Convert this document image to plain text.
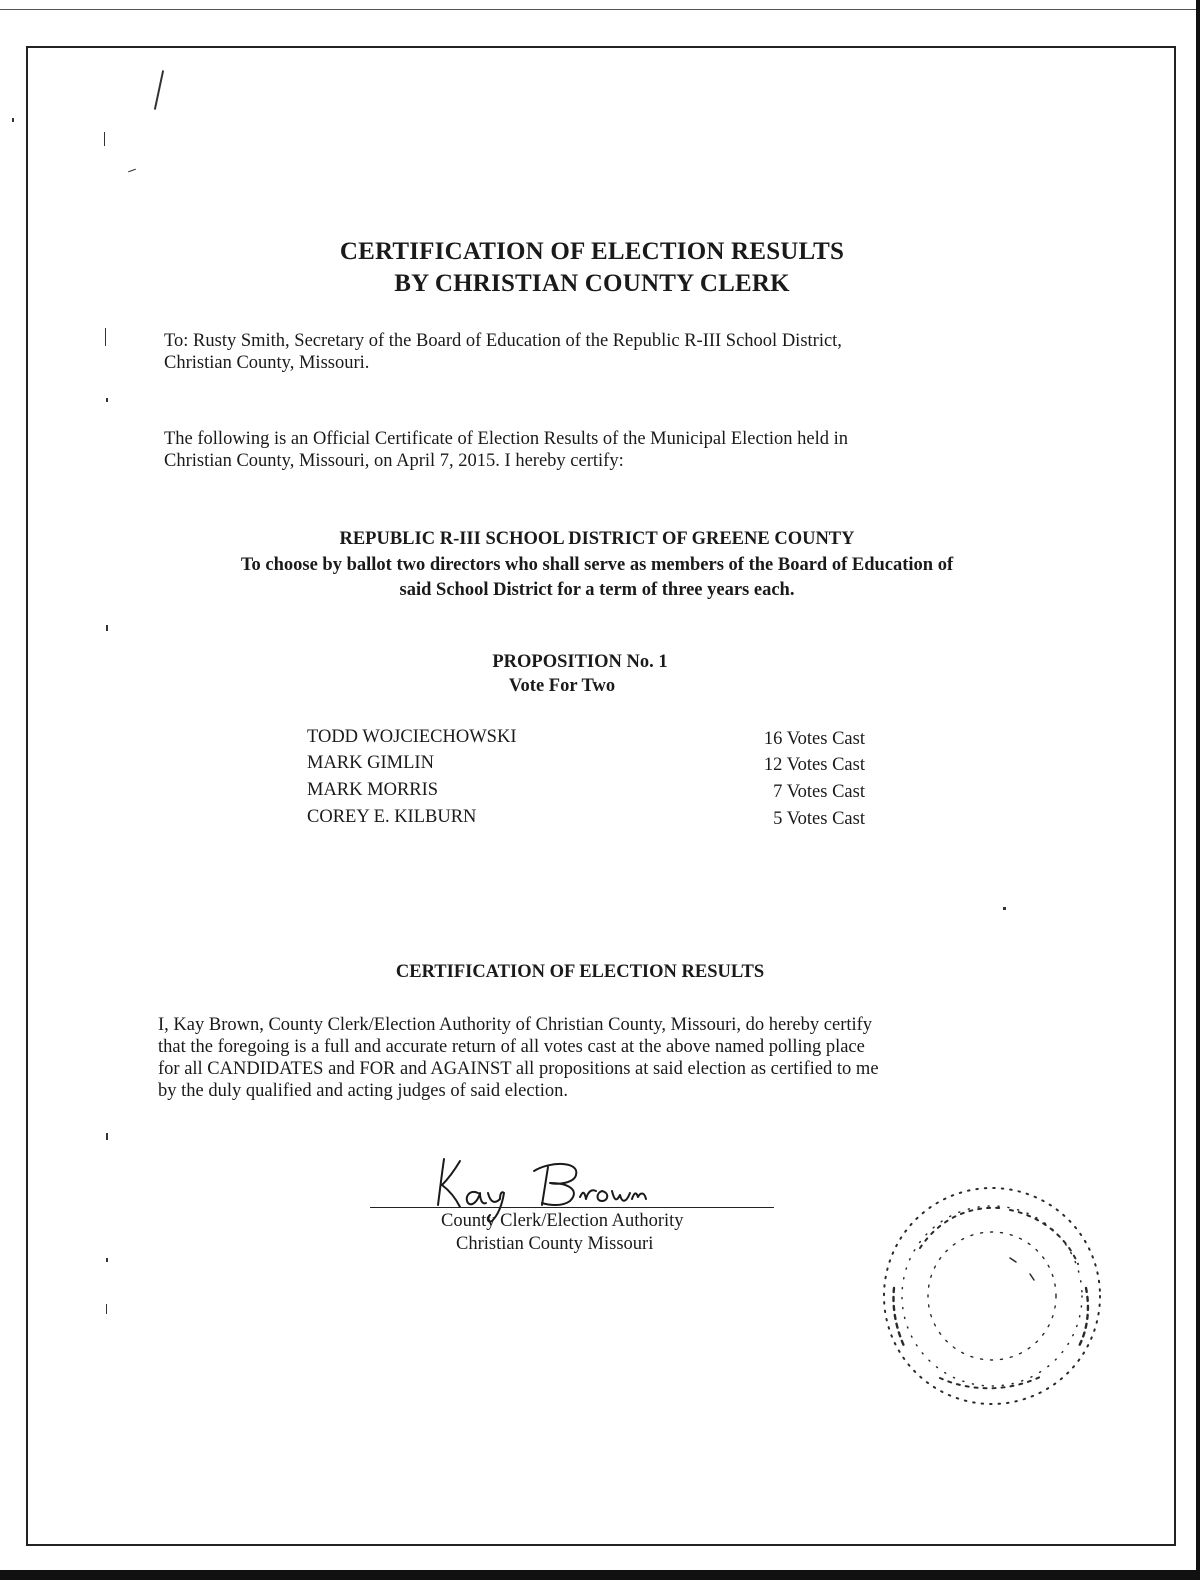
CERTIFICATION OF ELECTION RESULTS
BY CHRISTIAN COUNTY CLERK
To: Rusty Smith, Secretary of the Board of Education of the Republic R-III School District,
Christian County, Missouri.
The following is an Official Certificate of Election Results of the Municipal Election held in
Christian County, Missouri, on April 7, 2015. I hereby certify:
REPUBLIC R-III SCHOOL DISTRICT OF GREENE COUNTY
To choose by ballot two directors who shall serve as members of the Board of Education of
said School District for a term of three years each.
PROPOSITION No. 1
Vote For Two
TODD WOJCIECHOWSKI	16 Votes Cast
MARK GIMLIN	12 Votes Cast
MARK MORRIS	7 Votes Cast
COREY E. KILBURN	5 Votes Cast
CERTIFICATION OF ELECTION RESULTS
I, Kay Brown, County Clerk/Election Authority of Christian County, Missouri, do hereby certify
that the foregoing is a full and accurate return of all votes cast at the above named polling place
for all CANDIDATES and FOR and AGAINST all propositions at said election as certified to me
by the duly qualified and acting judges of said election.
County Clerk/Election Authority
Christian County Missouri
